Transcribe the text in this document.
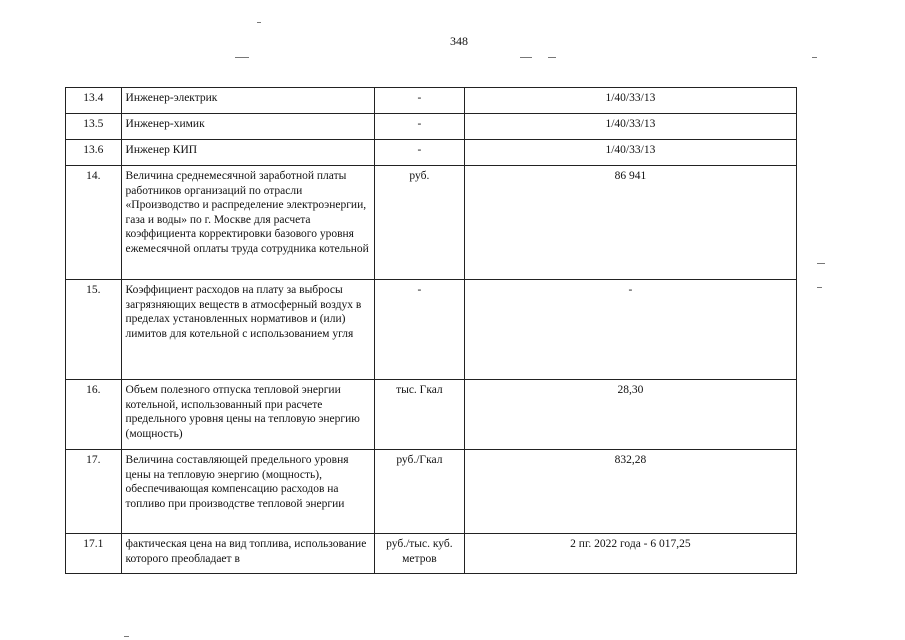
348
13.4	Инженер-электрик	-	1/40/33/13
13.5	Инженер-химик	-	1/40/33/13
13.6	Инженер КИП	-	1/40/33/13
14.	Величина среднемесячной заработной платы работников организаций по отрасли «Производство и распределение электроэнергии, газа и воды» по г. Москве для расчета коэффициента корректировки базового уровня ежемесячной оплаты труда сотрудника котельной	руб.	86 941
15.	Коэффициент расходов на плату за выбросы загрязняющих веществ в атмосферный воздух в пределах установленных нормативов и (или) лимитов для котельной с использованием угля	-	-
16.	Объем полезного отпуска тепловой энергии котельной, использованный при расчете предельного уровня цены на тепловую энергию (мощность)	тыс. Гкал	28,30
17.	Величина составляющей предельного уровня цены на тепловую энергию (мощность), обеспечивающая компенсацию расходов на топливо при производстве тепловой энергии	руб./Гкал	832,28
17.1	фактическая цена на вид топлива, использование которого преобладает в	руб./тыс. куб. метров	2 пг. 2022 года - 6 017,25
